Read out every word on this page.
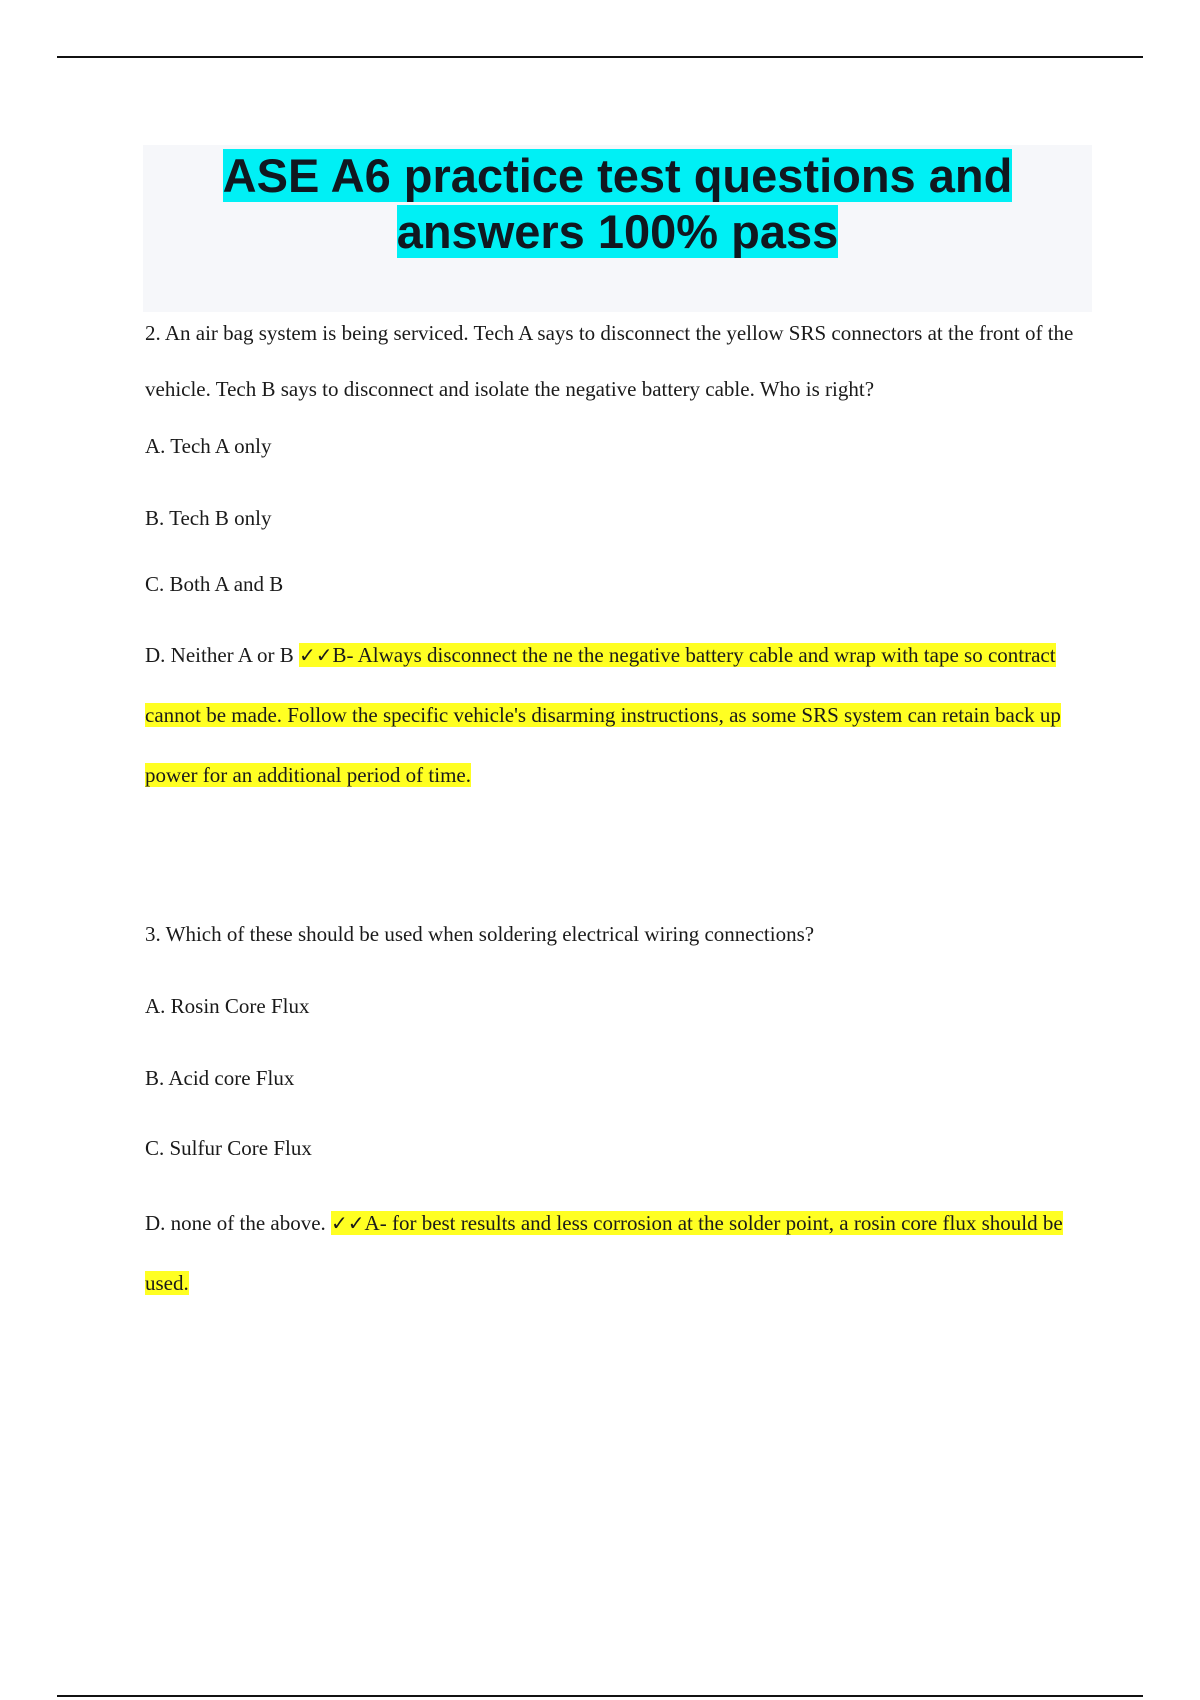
ASE A6 practice test questions and
answers 100% pass

2. An air bag system is being serviced. Tech A says to disconnect the yellow SRS connectors at the front of the vehicle. Tech B says to disconnect and isolate the negative battery cable. Who is right?

A. Tech A only

B. Tech B only

C. Both A and B

D. Neither A or B ✓✓B- Always disconnect the ne the negative battery cable and wrap with tape so contract cannot be made. Follow the specific vehicle's disarming instructions, as some SRS system can retain back up power for an additional period of time.

3. Which of these should be used when soldering electrical wiring connections?

A. Rosin Core Flux

B. Acid core Flux

C. Sulfur Core Flux

D. none of the above. ✓✓A- for best results and less corrosion at the solder point, a rosin core flux should be used.
